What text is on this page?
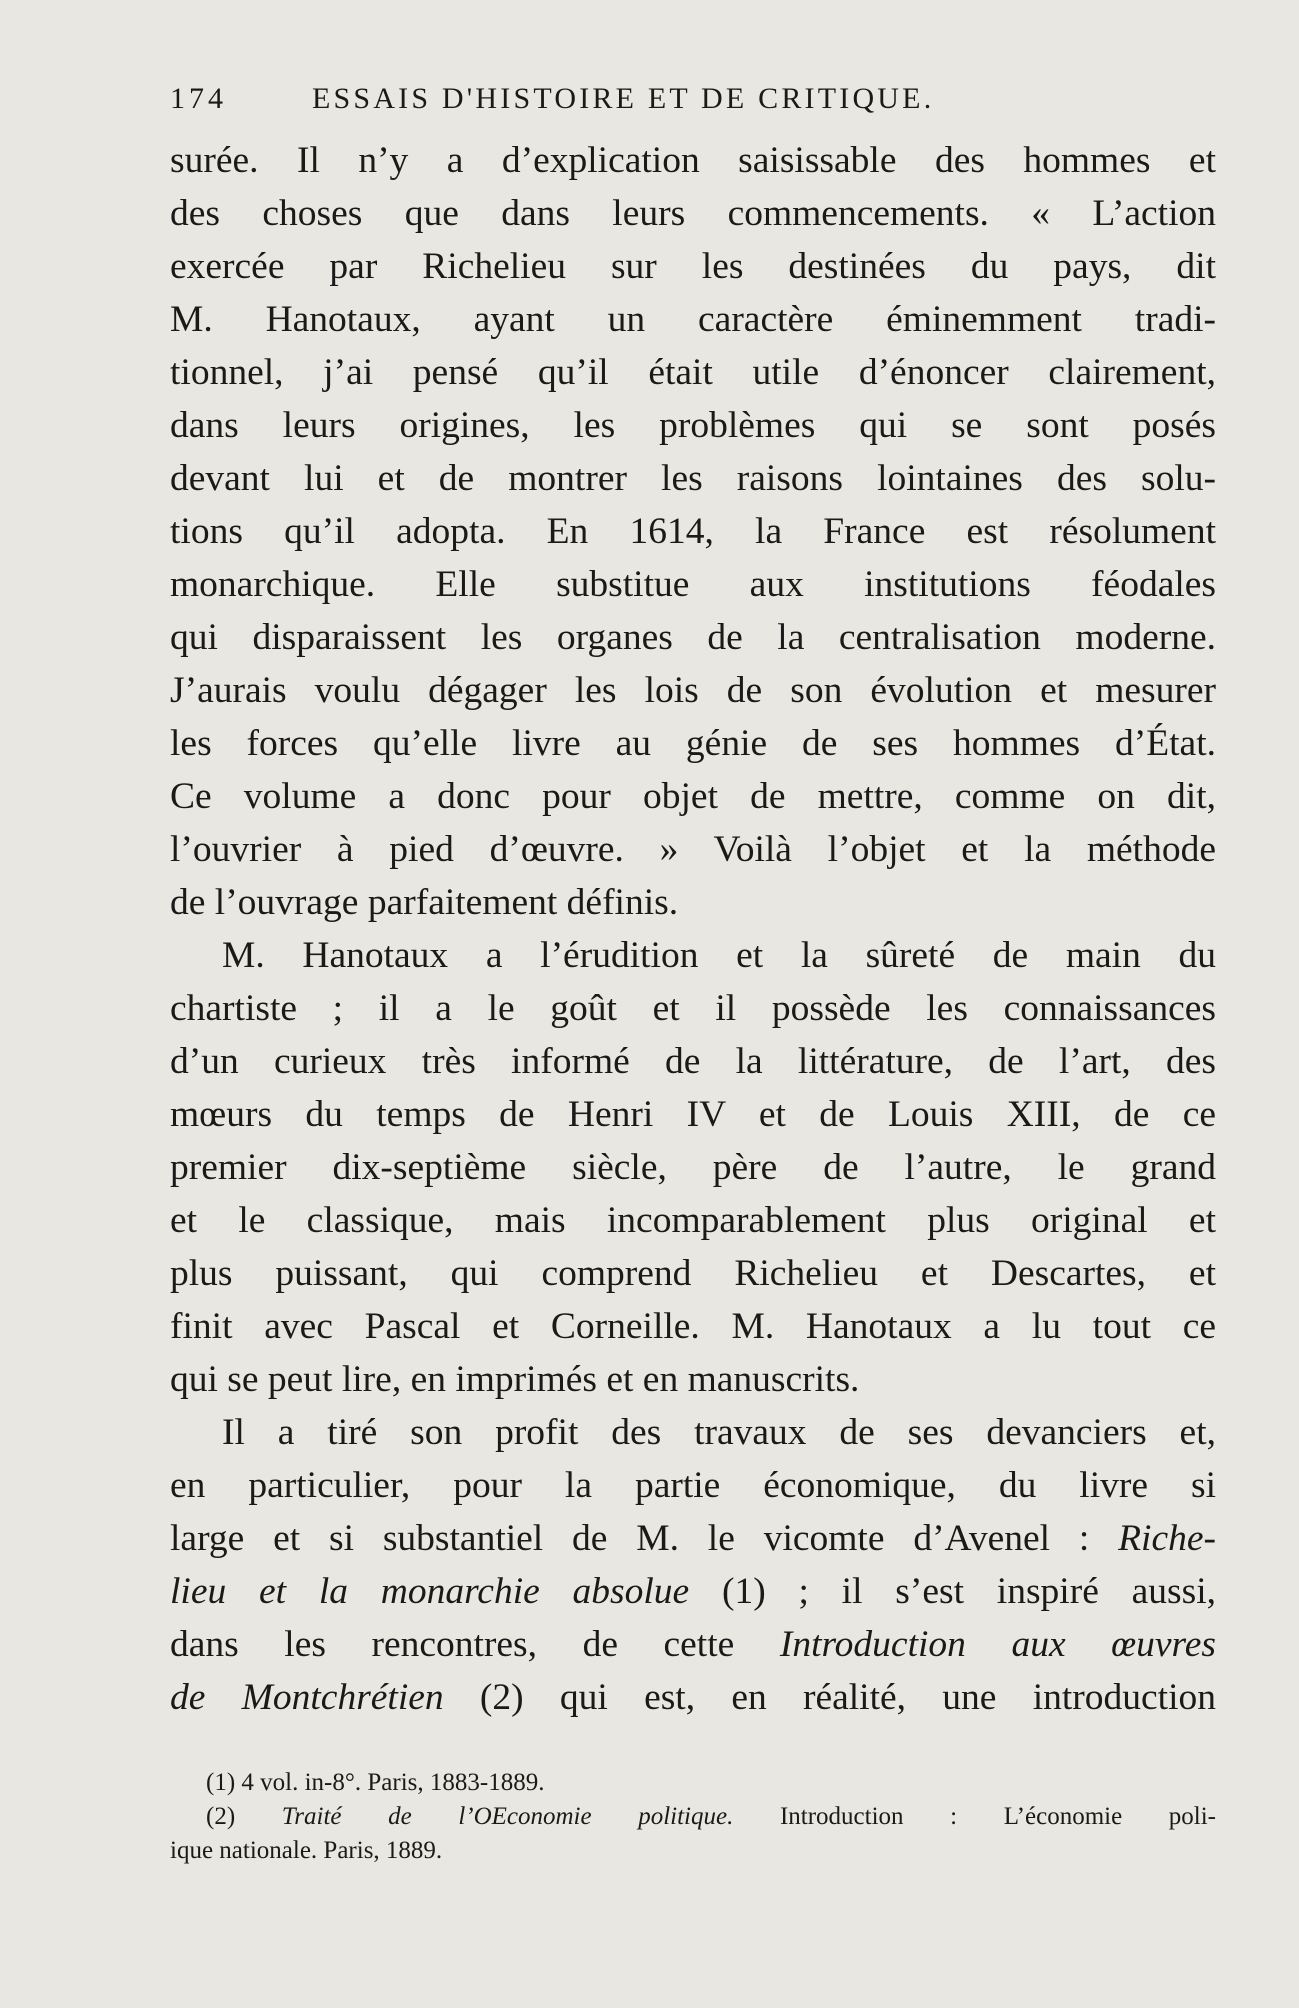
174	ESSAIS D'HISTOIRE ET DE CRITIQUE.
surée. Il n’y a d’explication saisissable des hommes et
des choses que dans leurs commencements. « L’action
exercée par Richelieu sur les destinées du pays, dit
M. Hanotaux, ayant un caractère éminemment tradi-
tionnel, j’ai pensé qu’il était utile d’énoncer clairement,
dans leurs origines, les problèmes qui se sont posés
devant lui et de montrer les raisons lointaines des solu-
tions qu’il adopta. En 1614, la France est résolument
monarchique. Elle substitue aux institutions féodales
qui disparaissent les organes de la centralisation moderne.
J’aurais voulu dégager les lois de son évolution et mesurer
les forces qu’elle livre au génie de ses hommes d’État.
Ce volume a donc pour objet de mettre, comme on dit,
l’ouvrier à pied d’œuvre. » Voilà l’objet et la méthode
de l’ouvrage parfaitement définis.
M. Hanotaux a l’érudition et la sûreté de main du
chartiste ; il a le goût et il possède les connaissances
d’un curieux très informé de la littérature, de l’art, des
mœurs du temps de Henri IV et de Louis XIII, de ce
premier dix-septième siècle, père de l’autre, le grand
et le classique, mais incomparablement plus original et
plus puissant, qui comprend Richelieu et Descartes, et
finit avec Pascal et Corneille. M. Hanotaux a lu tout ce
qui se peut lire, en imprimés et en manuscrits.
Il a tiré son profit des travaux de ses devanciers et,
en particulier, pour la partie économique, du livre si
large et si substantiel de M. le vicomte d’Avenel : Riche-
lieu et la monarchie absolue (1) ; il s’est inspiré aussi,
dans les rencontres, de cette Introduction aux œuvres
de Montchrétien (2) qui est, en réalité, une introduction
(1) 4 vol. in-8°. Paris, 1883-1889.
(2) Traité de l’OEconomie politique. Introduction : L’économie poli-
ique nationale. Paris, 1889.
